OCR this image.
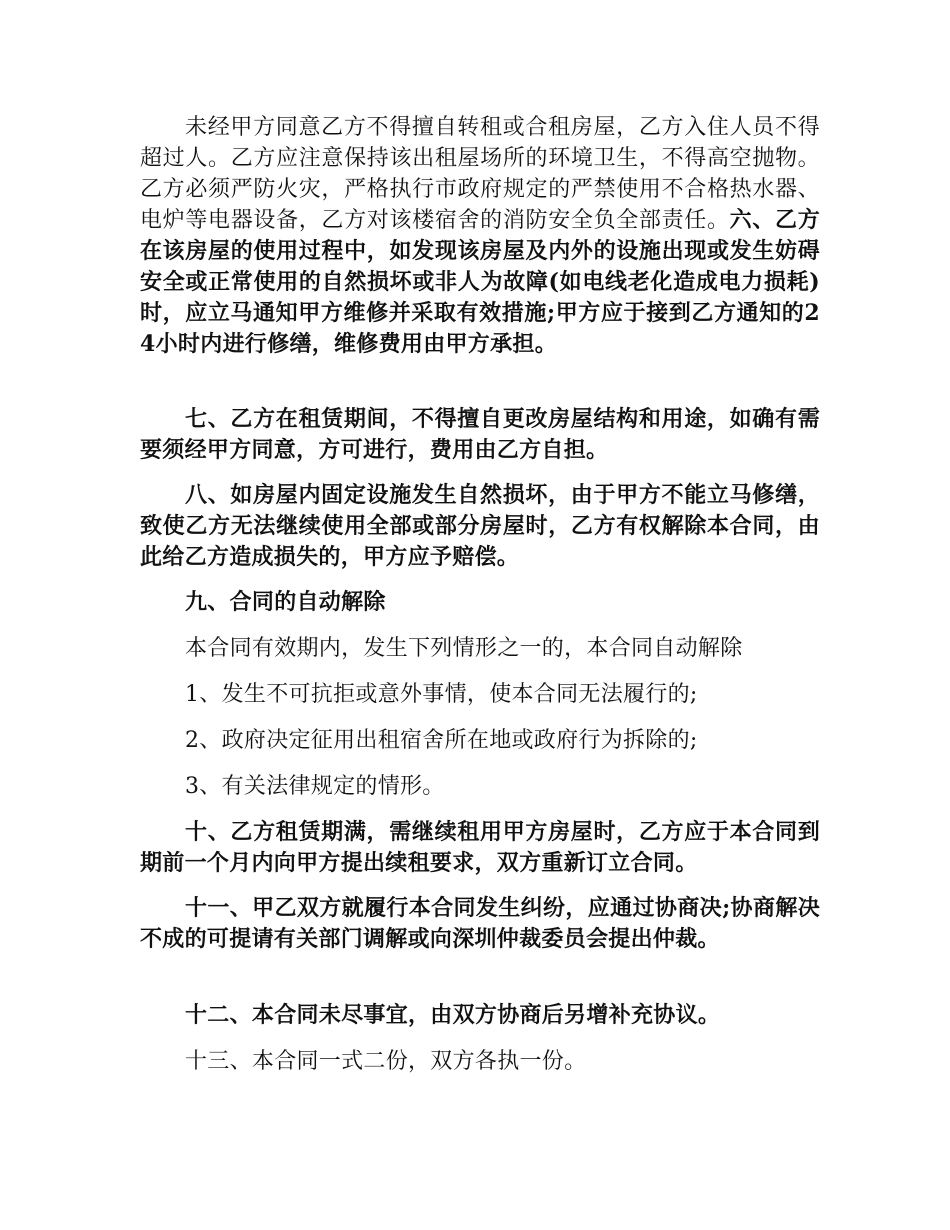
未经甲方同意乙方不得擅自转租或合租房屋，乙方入住人员不得超过人。乙方应注意保持该出租屋场所的环境卫生，不得高空抛物。乙方必须严防火灾，严格执行市政府规定的严禁使用不合格热水器、电炉等电器设备，乙方对该楼宿舍的消防安全负全部责任。六、乙方在该房屋的使用过程中，如发现该房屋及内外的设施出现或发生妨碍安全或正常使用的自然损坏或非人为故障(如电线老化造成电力损耗)时，应立马通知甲方维修并采取有效措施;甲方应于接到乙方通知的24小时内进行修缮，维修费用由甲方承担。

七、乙方在租赁期间，不得擅自更改房屋结构和用途，如确有需要须经甲方同意，方可进行，费用由乙方自担。

八、如房屋内固定设施发生自然损坏，由于甲方不能立马修缮，致使乙方无法继续使用全部或部分房屋时，乙方有权解除本合同，由此给乙方造成损失的，甲方应予赔偿。

九、合同的自动解除

本合同有效期内，发生下列情形之一的，本合同自动解除

1、发生不可抗拒或意外事情，使本合同无法履行的;

2、政府决定征用出租宿舍所在地或政府行为拆除的;

3、有关法律规定的情形。

十、乙方租赁期满，需继续租用甲方房屋时，乙方应于本合同到期前一个月内向甲方提出续租要求，双方重新订立合同。

十一、甲乙双方就履行本合同发生纠纷，应通过协商决;协商解决不成的可提请有关部门调解或向深圳仲裁委员会提出仲裁。

十二、本合同未尽事宜，由双方协商后另增补充协议。

十三、本合同一式二份，双方各执一份。
